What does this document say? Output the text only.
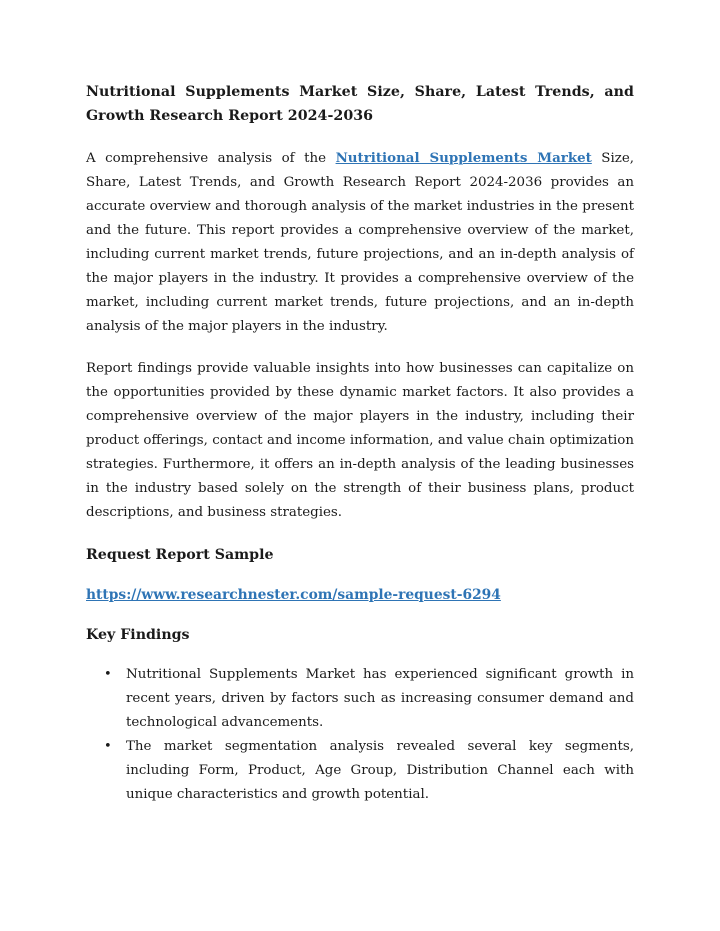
Nutritional Supplements Market Size, Share, Latest Trends, and Growth Research Report 2024-2036

A comprehensive analysis of the Nutritional Supplements Market Size, Share, Latest Trends, and Growth Research Report 2024-2036 provides an accurate overview and thorough analysis of the market industries in the present and the future. This report provides a comprehensive overview of the market, including current market trends, future projections, and an in-depth analysis of the major players in the industry. It provides a comprehensive overview of the market, including current market trends, future projections, and an in-depth analysis of the major players in the industry.

Report findings provide valuable insights into how businesses can capitalize on the opportunities provided by these dynamic market factors. It also provides a comprehensive overview of the major players in the industry, including their product offerings, contact and income information, and value chain optimization strategies. Furthermore, it offers an in-depth analysis of the leading businesses in the industry based solely on the strength of their business plans, product descriptions, and business strategies.

Request Report Sample
https://www.researchnester.com/sample-request-6294
Key Findings
• Nutritional Supplements Market has experienced significant growth in recent years, driven by factors such as increasing consumer demand and technological advancements.
• The market segmentation analysis revealed several key segments, including Form, Product, Age Group, Distribution Channel each with unique characteristics and growth potential.
